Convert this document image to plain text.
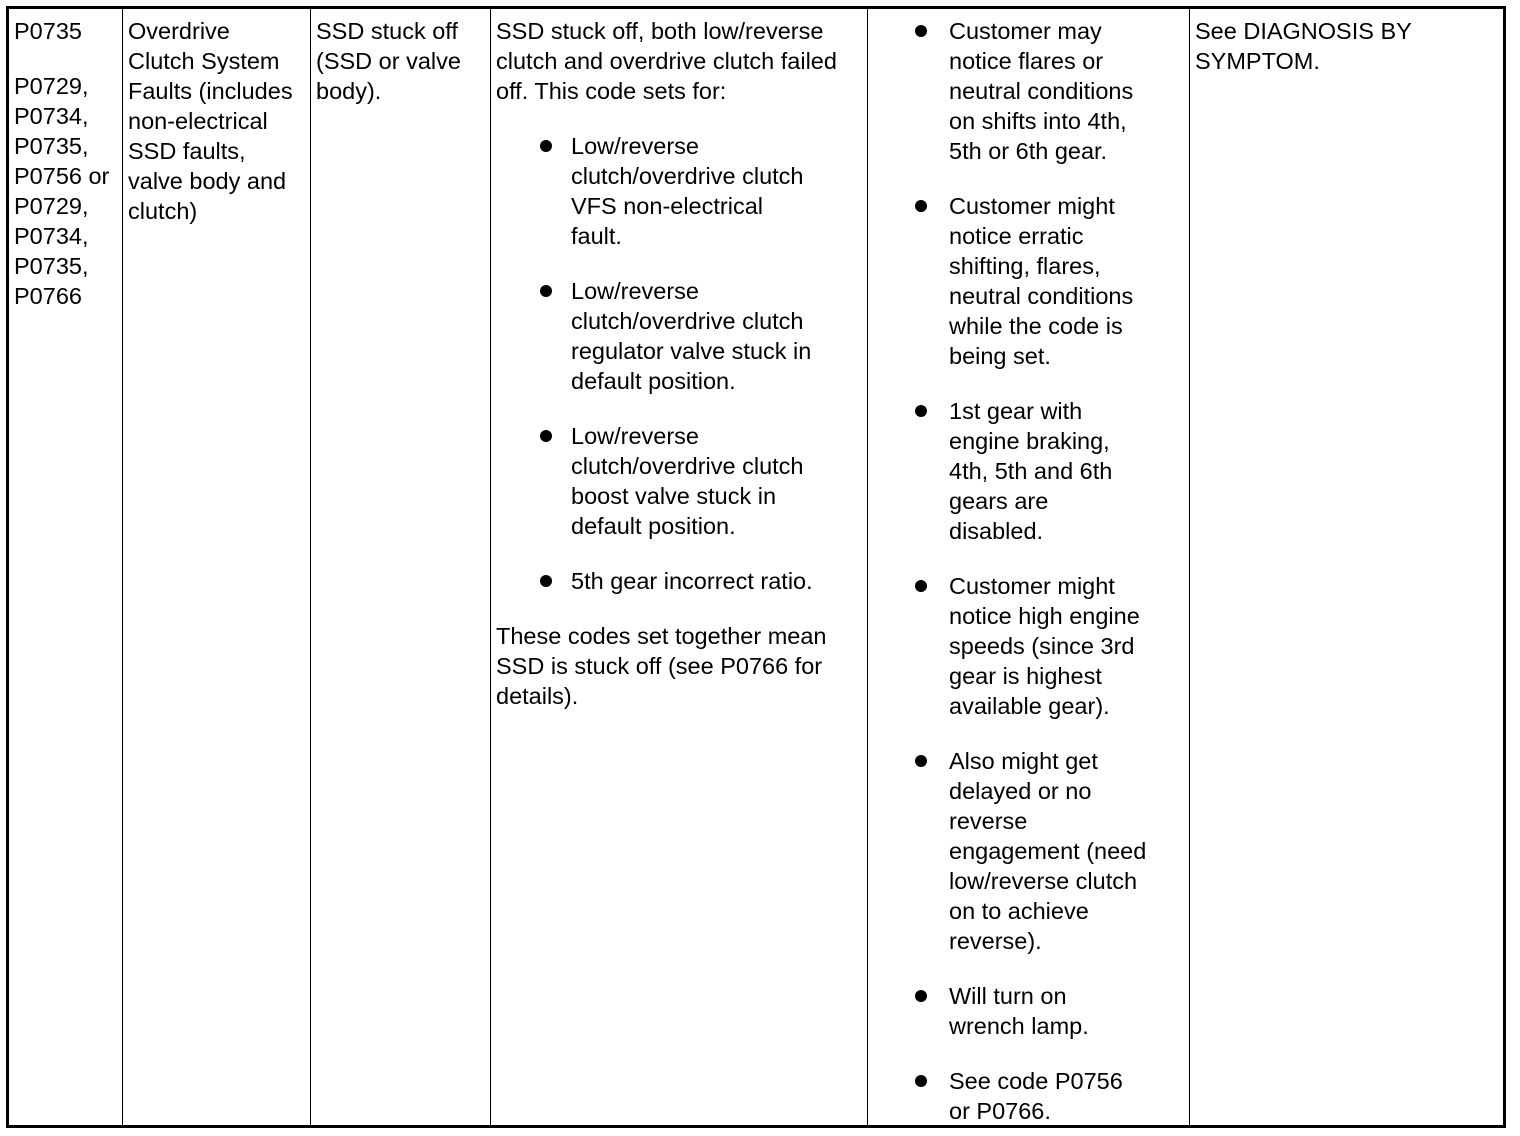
P0735
P0729,
P0734,
P0735,
P0756 or
P0729,
P0734,
P0735,
P0766
Overdrive
Clutch System
Faults (includes
non-electrical
SSD faults,
valve body and
clutch)
SSD stuck off
(SSD or valve
body).
SSD stuck off, both low/reverse
clutch and overdrive clutch failed
off. This code sets for:
Low/reverse
clutch/overdrive clutch
VFS non-electrical
fault.
Low/reverse
clutch/overdrive clutch
regulator valve stuck in
default position.
Low/reverse
clutch/overdrive clutch
boost valve stuck in
default position.
5th gear incorrect ratio.
These codes set together mean
SSD is stuck off (see P0766 for
details).
Customer may
notice flares or
neutral conditions
on shifts into 4th,
5th or 6th gear.
Customer might
notice erratic
shifting, flares,
neutral conditions
while the code is
being set.
1st gear with
engine braking,
4th, 5th and 6th
gears are
disabled.
Customer might
notice high engine
speeds (since 3rd
gear is highest
available gear).
Also might get
delayed or no
reverse
engagement (need
low/reverse clutch
on to achieve
reverse).
Will turn on
wrench lamp.
See code P0756
or P0766.
See DIAGNOSIS BY
SYMPTOM.
